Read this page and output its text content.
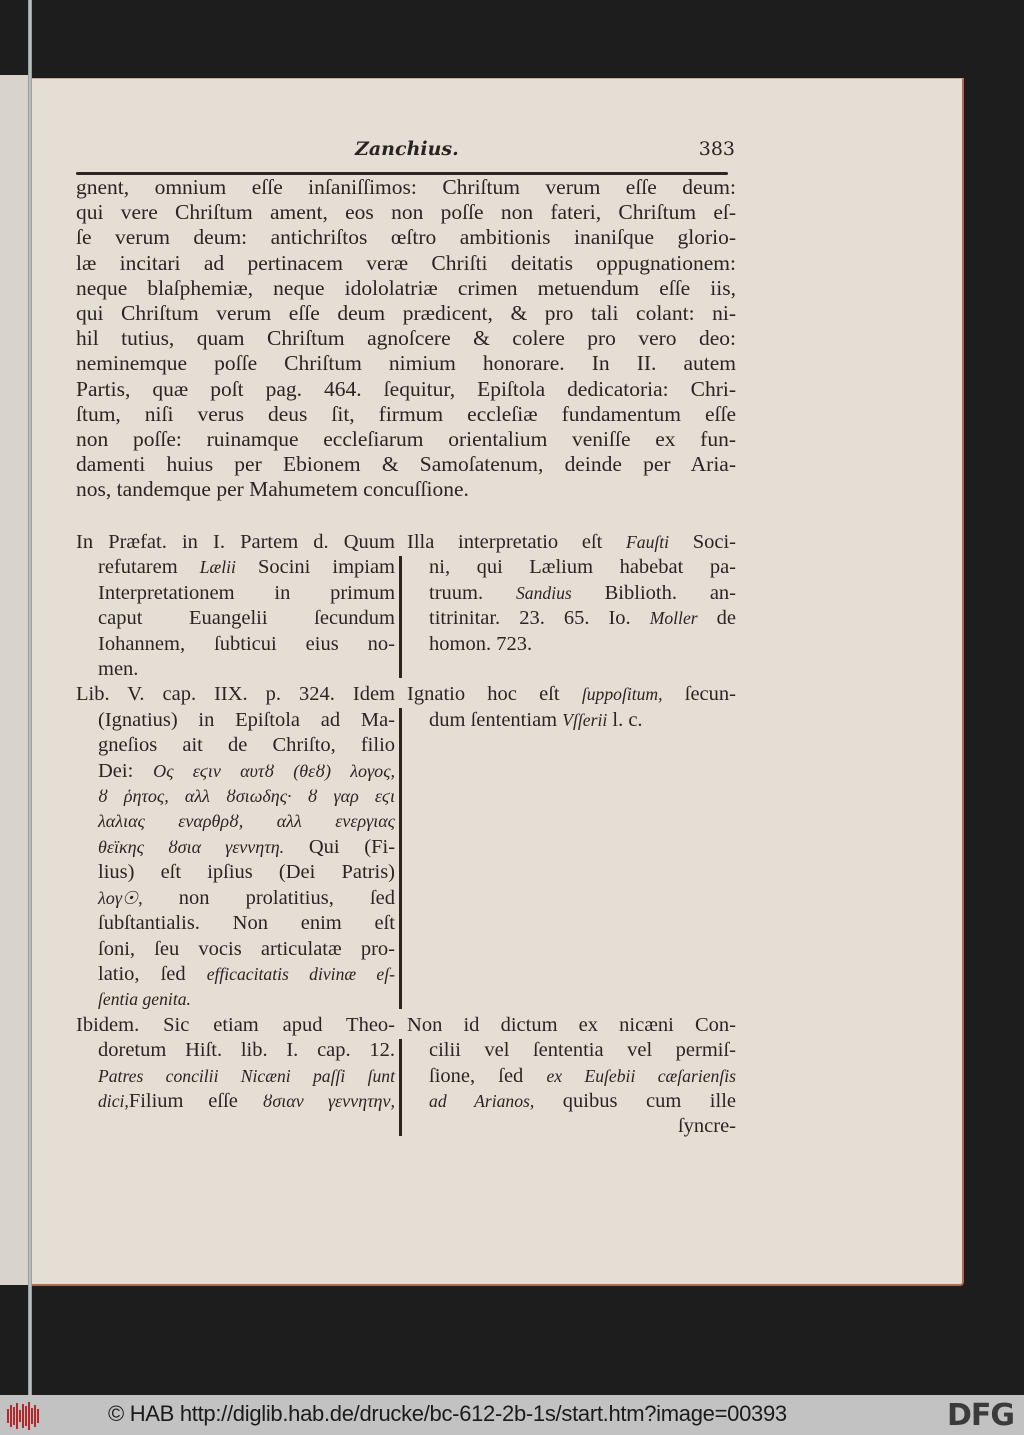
Zanchius.	383
gnent, omnium eſſe inſaniſſimos: Chriſtum verum eſſe deum:
qui vere Chriſtum ament, eos non poſſe non fateri, Chriſtum eſ-
ſe verum deum: antichriſtos œſtro ambitionis inaniſque glorio-
læ incitari ad pertinacem veræ Chriſti deitatis oppugnationem:
neque blaſphemiæ, neque idololatriæ crimen metuendum eſſe iis,
qui Chriſtum verum eſſe deum prædicent, & pro tali colant: ni-
hil tutius, quam Chriſtum agnoſcere & colere pro vero deo:
neminemque poſſe Chriſtum nimium honorare. In II. autem
Partis, quæ poſt pag. 464. ſequitur, Epiſtola dedicatoria: Chri-
ſtum, niſi verus deus ſit, firmum eccleſiæ fundamentum eſſe
non poſſe: ruinamque eccleſiarum orientalium veniſſe ex fun-
damenti huius per Ebionem & Samoſatenum, deinde per Aria-
nos, tandemque per Mahumetem concuſſione.
In Præfat. in I. Partem d. Quum
refutarem Lælii Socini impiam
Interpretationem in primum
caput Euangelii ſecundum
Iohannem, ſubticui eius no-
men.
Illa interpretatio eſt Fauſti Soci-
ni, qui Lælium habebat pa-
truum. Sandius Biblioth. an-
titrinitar. 23. 65. Io. Moller de
homon. 723.
Lib. V. cap. IIX. p. 324. Idem
(Ignatius) in Epiſtola ad Ma-
gneſios ait de Chriſto, filio
Dei: Ος εϛιν αυτȣ (θεȣ) λογος,
ȣ ῥητος, αλλ ȣσιωδης· ȣ γαρ εϛι
λαλιας εναρθρȣ, αλλ ενεργιας
θεϊκης ȣσια γεννητη. Qui (Fi-
lius) eſt ipſius (Dei Patris)
λογ☉, non prolatitius, ſed
ſubſtantialis. Non enim eſt
ſoni, ſeu vocis articulatæ pro-
latio, ſed efficacitatis divinæ eſ-
ſentia genita.
Ignatio hoc eſt ſuppoſitum, ſecun-
dum ſententiam Vſſerii l. c.
Ibidem. Sic etiam apud Theo-
doretum Hiſt. lib. I. cap. 12.
Patres concilii Nicæni paſſi ſunt
dici,Filium eſſe ȣσιαν γεννητην,
Non id dictum ex nicæni Con-
cilii vel ſententia vel permiſ-
ſione, ſed ex Euſebii cæſarienſis
ad Arianos, quibus cum ille
ſyncre-
© HAB http://diglib.hab.de/drucke/bc-612-2b-1s/start.htm?image=00393	DFG
